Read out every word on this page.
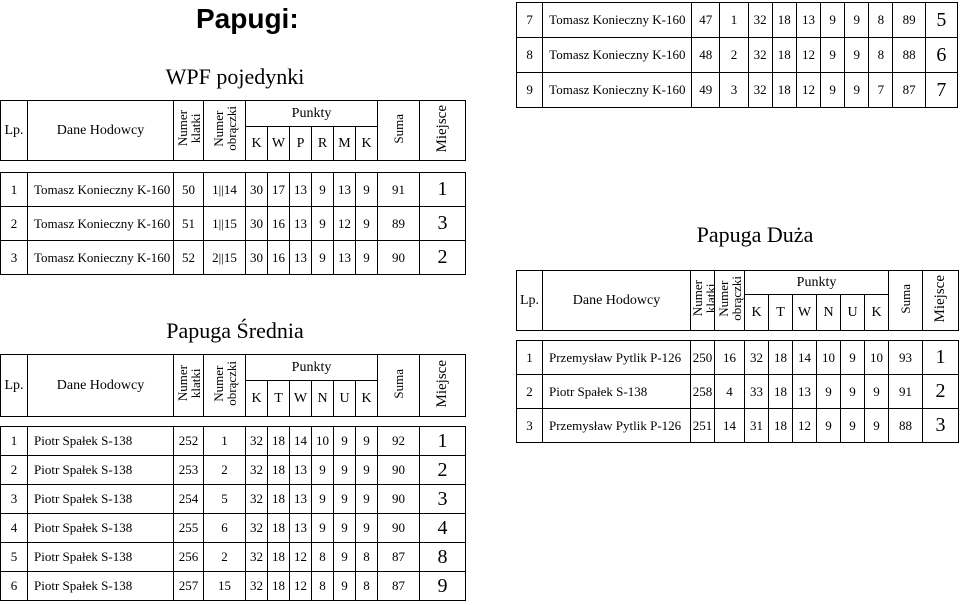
Papugi:
WPF pojedynki
Lp.	Dane Hodowcy	Numer
klatki	Numer
obrączki	Punkty						Suma	Miejsce
				K	W	P	R	M	K		

1	Tomasz Konieczny K-160	50	1||14	30	17	13	9	13	9	91	1
2	Tomasz Konieczny K-160	51	1||15	30	16	13	9	12	9	89	3
3	Tomasz Konieczny K-160	52	2||15	30	16	13	9	13	9	90	2
7	Tomasz Konieczny K-160	47	1	32	18	13	9	9	8	89	5
8	Tomasz Konieczny K-160	48	2	32	18	12	9	9	8	88	6
9	Tomasz Konieczny K-160	49	3	32	18	12	9	9	7	87	7
Papuga Duża
Lp.	Dane Hodowcy	Numer
klatki	Numer
obrączki	Punkty						Suma	Miejsce
				K	T	W	N	U	K		

1	Przemysław Pytlik P-126	250	16	32	18	14	10	9	10	93	1
2	Piotr Spałek S-138	258	4	33	18	13	9	9	9	91	2
3	Przemysław Pytlik P-126	251	14	31	18	12	9	9	9	88	3
Papuga Średnia
Lp.	Dane Hodowcy	Numer
klatki	Numer
obrączki	Punkty						Suma	Miejsce
				K	T	W	N	U	K		

1	Piotr Spałek S-138	252	1	32	18	14	10	9	9	92	1
2	Piotr Spałek S-138	253	2	32	18	13	9	9	9	90	2
3	Piotr Spałek S-138	254	5	32	18	13	9	9	9	90	3
4	Piotr Spałek S-138	255	6	32	18	13	9	9	9	90	4
5	Piotr Spałek S-138	256	2	32	18	12	8	9	8	87	8
6	Piotr Spałek S-138	257	15	32	18	12	8	9	8	87	9
